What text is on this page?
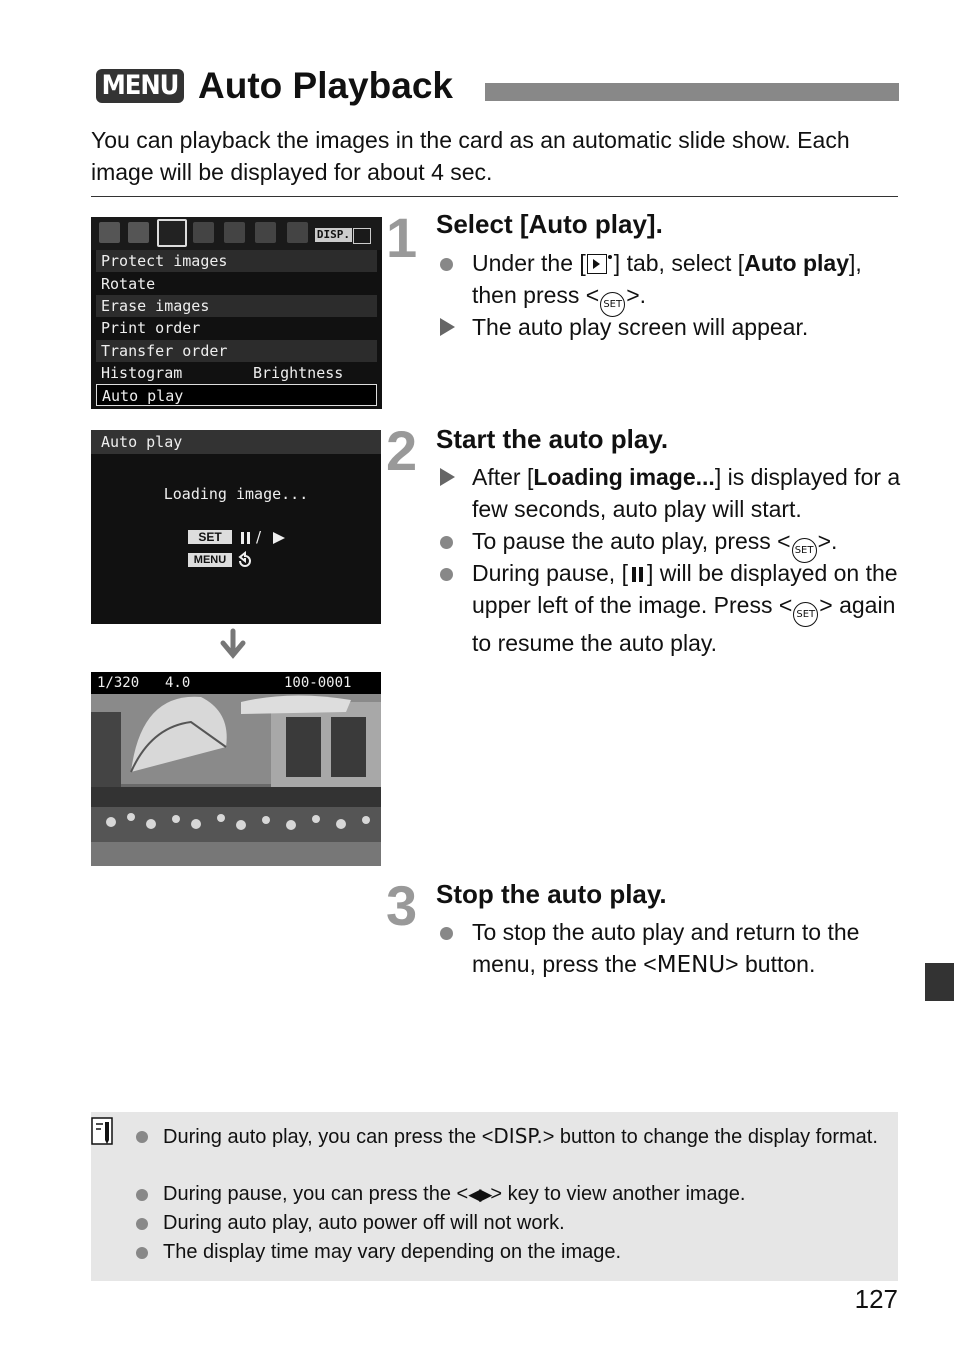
MENU Auto Playback
You can playback the images in the card as an automatic slide show. Each image will be displayed for about 4 sec.
DISP.
Protect images
Rotate
Erase images
Print order
Transfer order
Histogram	Brightness
Auto play
Auto play
Loading image...
SET	/
MENU
1/320 4.0	100-0001
1 Select [Auto play].
Under the [ ] tab, select [Auto play], then press < SET >.
The auto play screen will appear.
2 Start the auto play.
After [Loading image...] is displayed for a few seconds, auto play will start.
To pause the auto play, press < SET >.
During pause, [ ] will be displayed on the upper left of the image. Press < SET > again to resume the auto play.
3 Stop the auto play.
To stop the auto play and return to the menu, press the <MENU> button.
During auto play, you can press the <DISP.> button to change the display format.
During pause, you can press the <◀▶> key to view another image.
During auto play, auto power off will not work.
The display time may vary depending on the image.
127
